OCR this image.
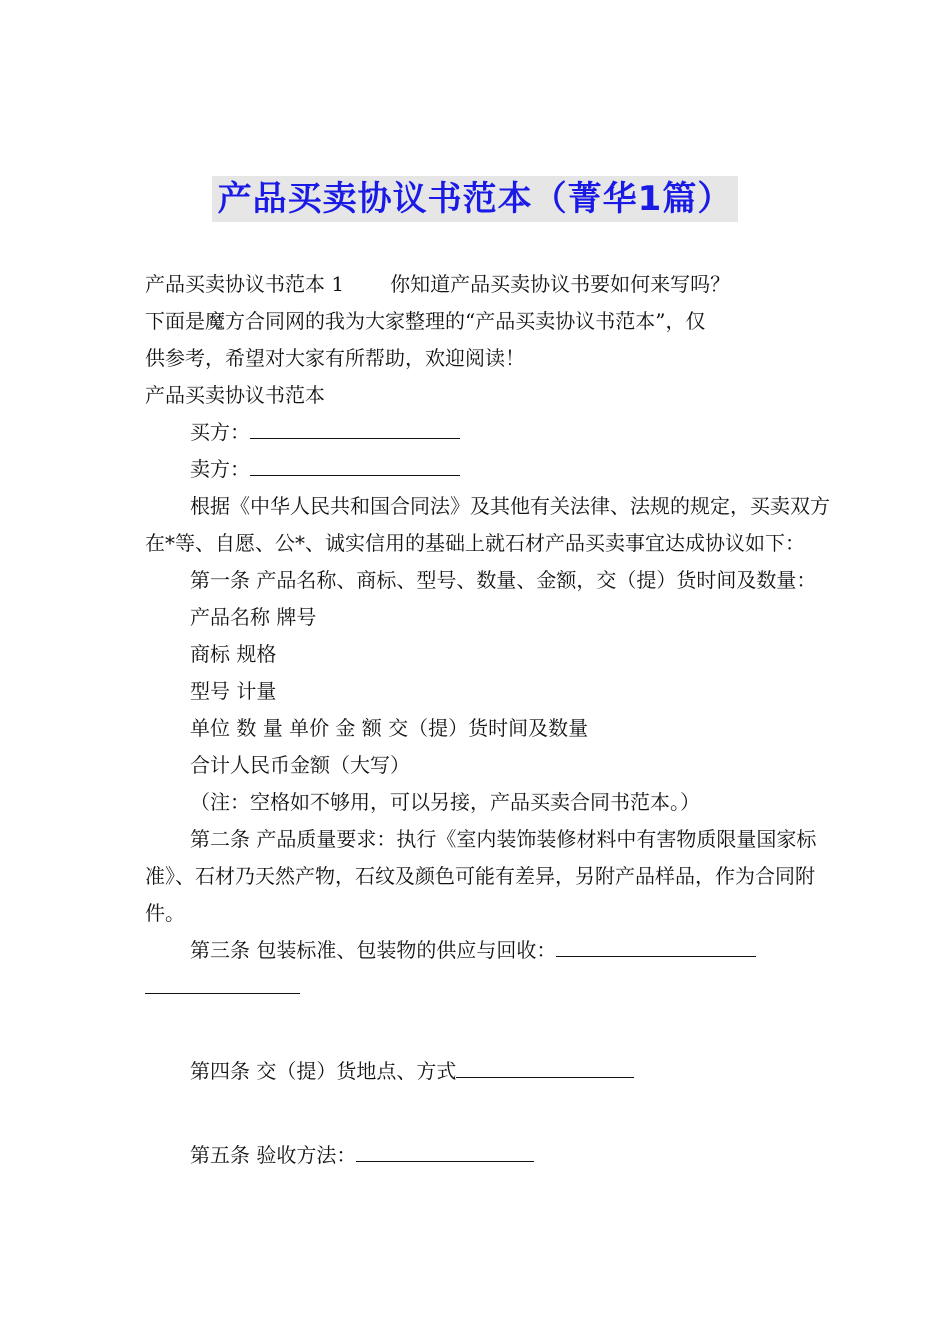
产品买卖协议书范本（菁华1篇）

产品买卖协议书范本 1 你知道产品买卖协议书要如何来写吗？

下面是魔方合同网的我为大家整理的“产品买卖协议书范本”，仅

供参考，希望对大家有所帮助，欢迎阅读！

产品买卖协议书范本

买方：

卖方：

根据《中华人民共和国合同法》及其他有关法律、法规的规定，买卖双方在*等、自愿、公*、诚实信用的基础上就石材产品买卖事宜达成协议如下：

第一条 产品名称、商标、型号、数量、金额，交（提）货时间及数量：

产品名称 牌号

商标 规格

型号 计量

单位 数 量 单价 金 额 交（提）货时间及数量

合计人民币金额（大写）

（注：空格如不够用，可以另接，产品买卖合同书范本。）

第二条 产品质量要求：执行《室内装饰装修材料中有害物质限量国家标准》、石材乃天然产物，石纹及颜色可能有差异，另附产品样品，作为合同附件。

第三条 包装标准、包装物的供应与回收：

第四条 交（提）货地点、方式

第五条 验收方法：
